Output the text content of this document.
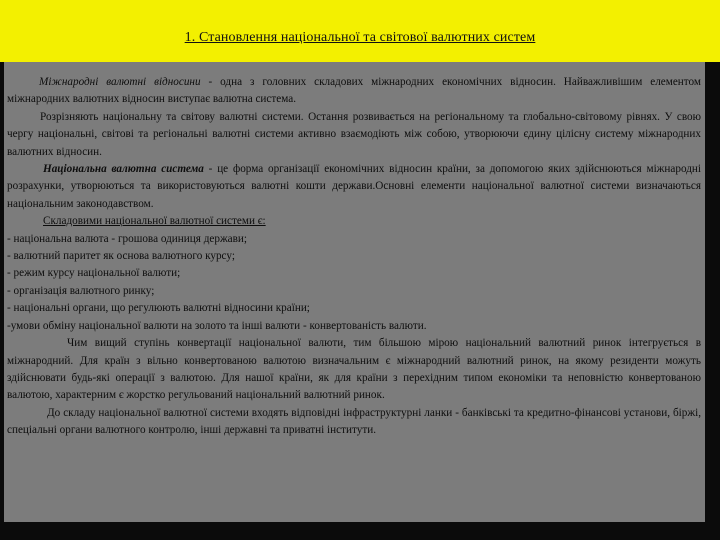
1. Становлення національної та світової валютних систем

Міжнародні валютні відносини - одна з головних складових міжнародних економічних відносин. Найважливішим елементом міжнародних валютних відносин виступає валютна система.

Розрізняють національну та світову валютні системи. Остання розвивається на регіональному та глобально-світовому рівнях. У свою чергу національні, світові та регіональні валютні системи активно взаємодіють між собою, утворюючи єдину цілісну систему міжнародних валютних відносин.

Національна валютна система - це форма організації економічних відносин країни, за допомогою яких здійснюються міжнародні розрахунки, утворюються та використовуються валютні кошти держави.Основні елементи національної валютної системи визначаються національним законодавством.

Складовими національної валютної системи є:

- національна валюта - грошова одиниця держави;

- валютний паритет як основа валютного курсу;

- режим курсу національної валюти;

- організація валютного ринку;

- національні органи, що регулюють валютні відносини країни;

-умови обміну національної валюти на золото та інші валюти - конвертованість валюти.

Чим вищий ступінь конвертації національної валюти, тим більшою мірою національний валютний ринок інтегрується в міжнародний. Для країн з вільно конвертованою валютою визначальним є міжнародний валютний ринок, на якому резиденти можуть здійснювати будь-які операції з валютою. Для нашої країни, як для країни з перехідним типом економіки та неповністю конвертованою валютою, характерним є жорстко регульований національний валютний ринок.

До складу національної валютної системи входять відповідні інфраструктурні ланки - банківські та кредитно-фінансові установи, біржі, спеціальні органи валютного контролю, інші державні та приватні інститути.
